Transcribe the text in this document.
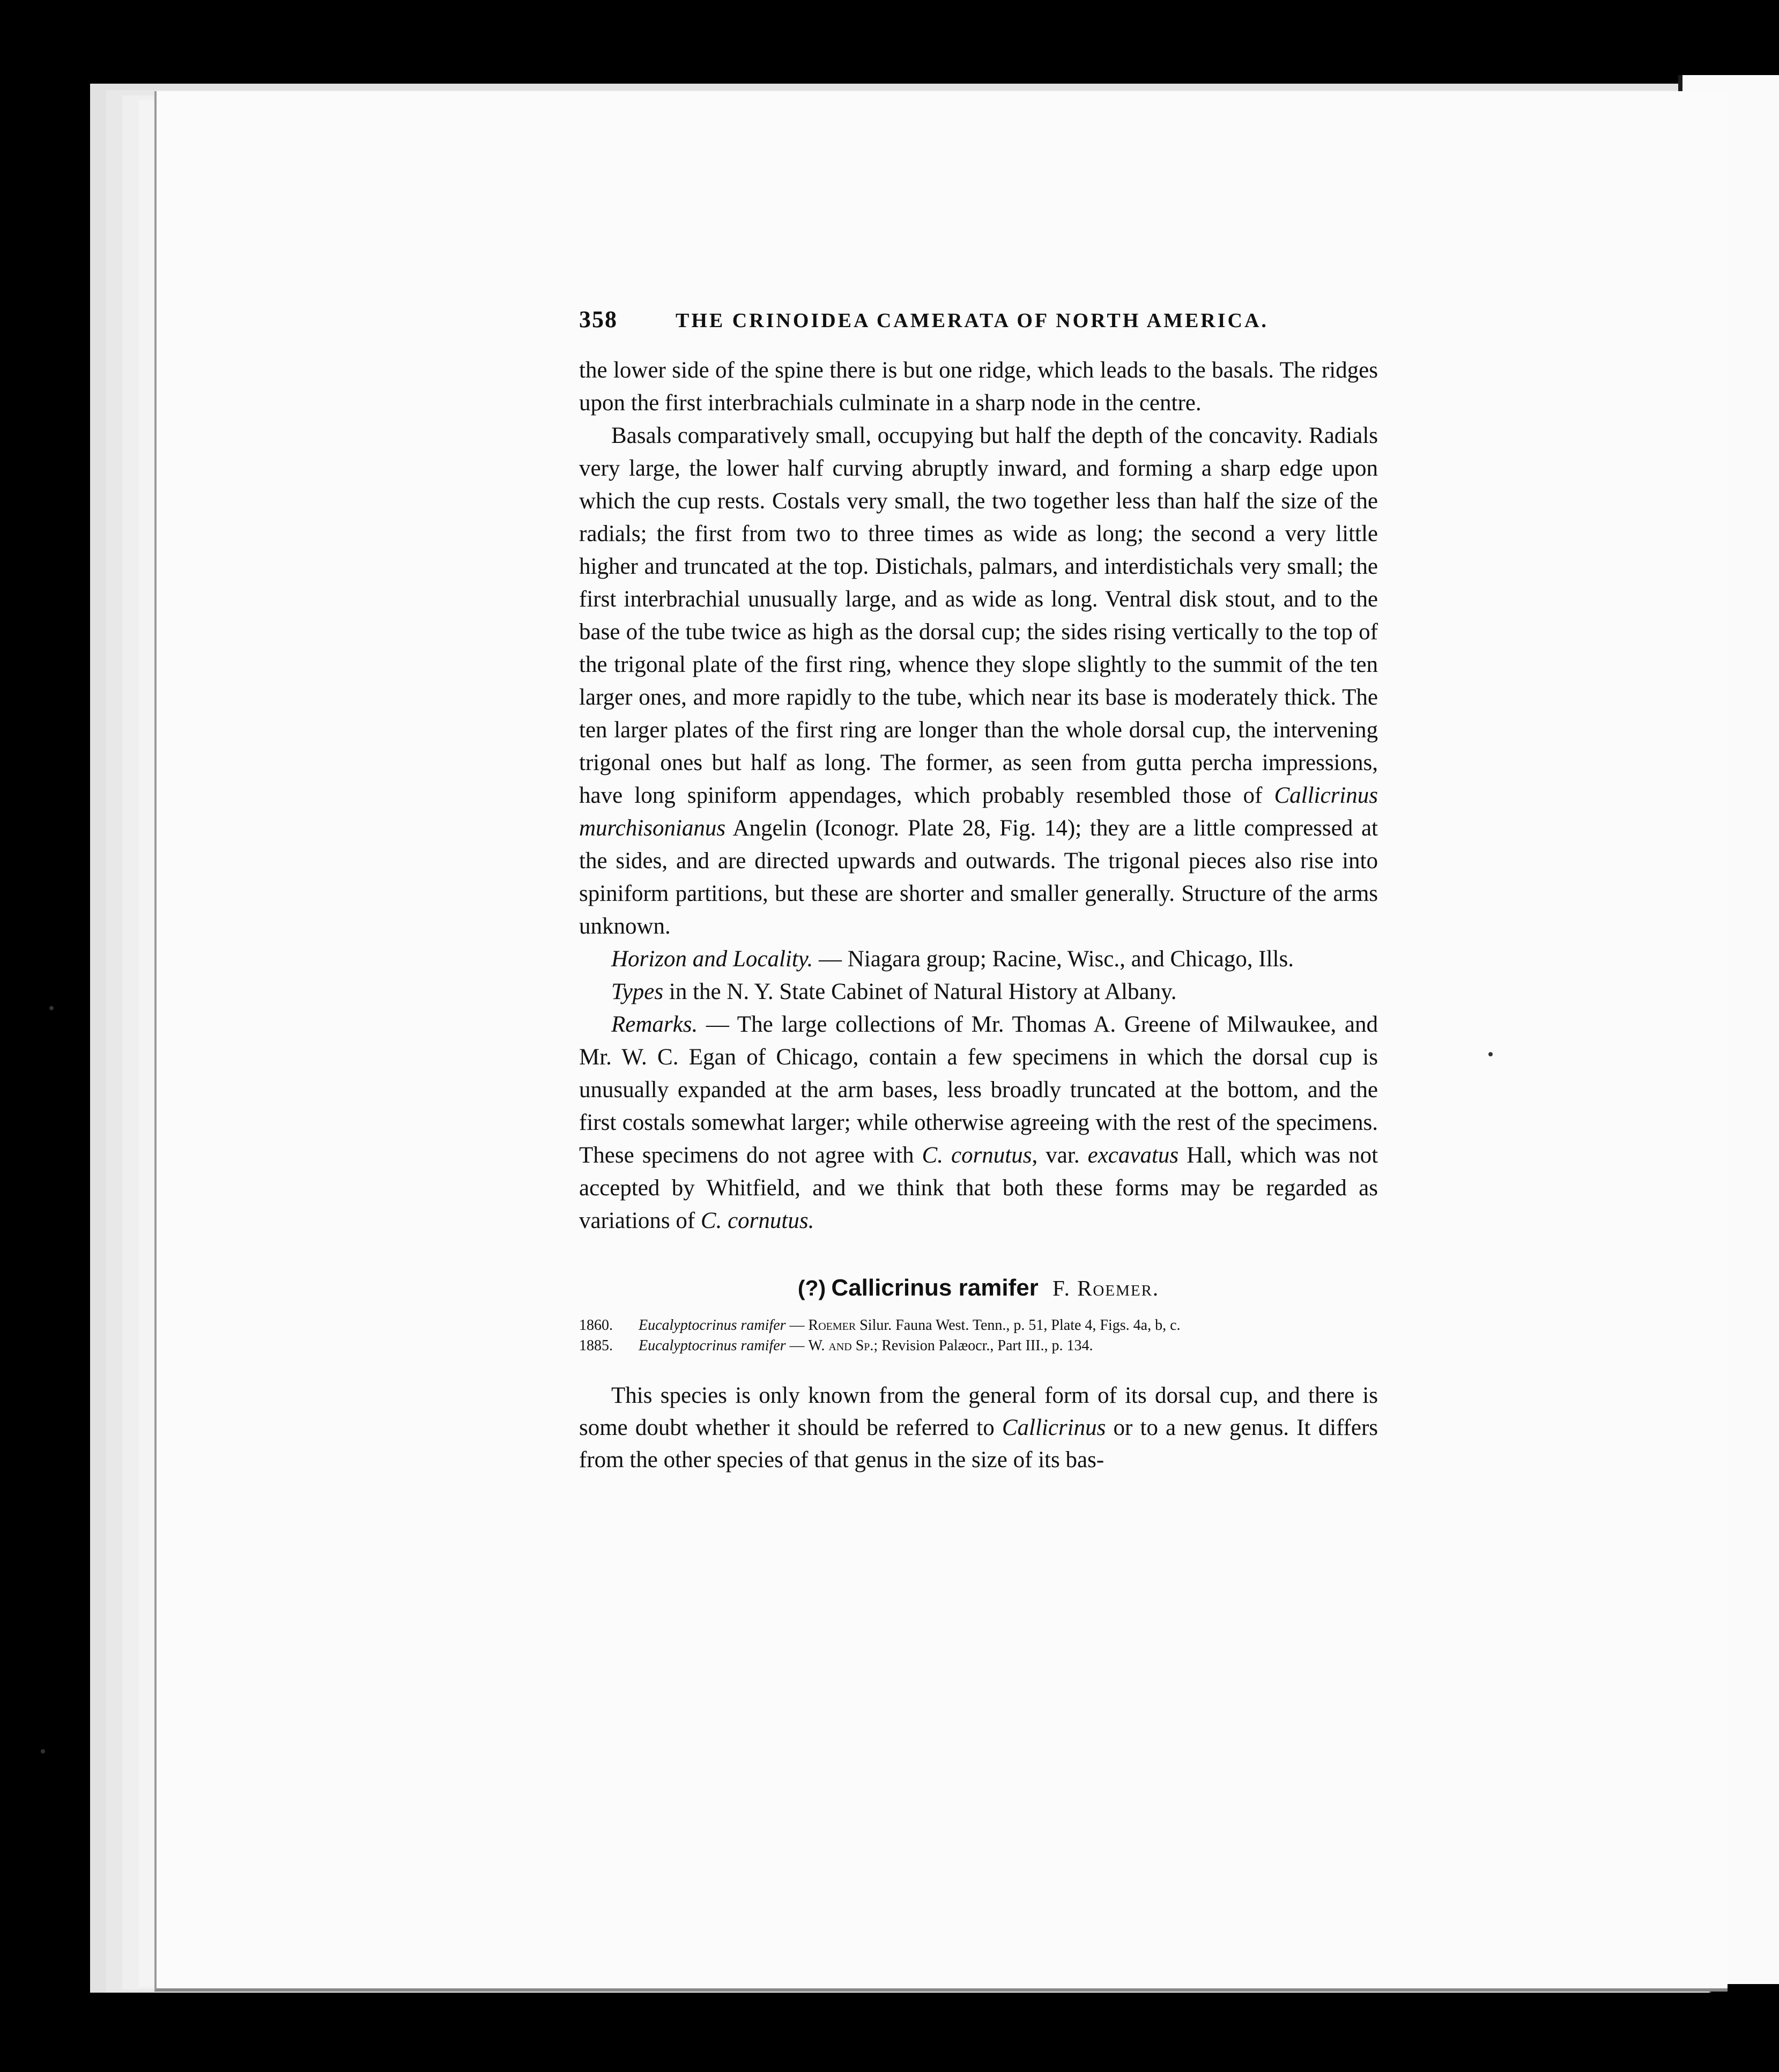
358	THE CRINOIDEA CAMERATA OF NORTH AMERICA.

the lower side of the spine there is but one ridge, which leads to the basals. The ridges upon the first interbrachials culminate in a sharp node in the centre.

Basals comparatively small, occupying but half the depth of the concavity. Radials very large, the lower half curving abruptly inward, and forming a sharp edge upon which the cup rests. Costals very small, the two together less than half the size of the radials; the first from two to three times as wide as long; the second a very little higher and truncated at the top. Distichals, palmars, and interdistichals very small; the first interbrachial unusually large, and as wide as long. Ventral disk stout, and to the base of the tube twice as high as the dorsal cup; the sides rising vertically to the top of the trigonal plate of the first ring, whence they slope slightly to the summit of the ten larger ones, and more rapidly to the tube, which near its base is moderately thick. The ten larger plates of the first ring are longer than the whole dorsal cup, the intervening trigonal ones but half as long. The former, as seen from gutta percha impressions, have long spiniform appendages, which probably resembled those of Callicrinus murchisonianus Angelin (Iconogr. Plate 28, Fig. 14); they are a little compressed at the sides, and are directed upwards and outwards. The trigonal pieces also rise into spiniform partitions, but these are shorter and smaller generally. Structure of the arms unknown.

Horizon and Locality. — Niagara group; Racine, Wisc., and Chicago, Ills.

Types in the N. Y. State Cabinet of Natural History at Albany.

Remarks. — The large collections of Mr. Thomas A. Greene of Milwaukee, and Mr. W. C. Egan of Chicago, contain a few specimens in which the dorsal cup is unusually expanded at the arm bases, less broadly truncated at the bottom, and the first costals somewhat larger; while otherwise agreeing with the rest of the specimens. These specimens do not agree with C. cornutus, var. excavatus Hall, which was not accepted by Whitfield, and we think that both these forms may be regarded as variations of C. cornutus.

(?) Callicrinus ramifer F. Roemer.
1860. Eucalyptocrinus ramifer — Roemer Silur. Fauna West. Tenn., p. 51, Plate 4, Figs. 4a, b, c.
1885. Eucalyptocrinus ramifer — W. and Sp.; Revision Palæocr., Part III., p. 134.

This species is only known from the general form of its dorsal cup, and there is some doubt whether it should be referred to Callicrinus or to a new genus. It differs from the other species of that genus in the size of its bas-
